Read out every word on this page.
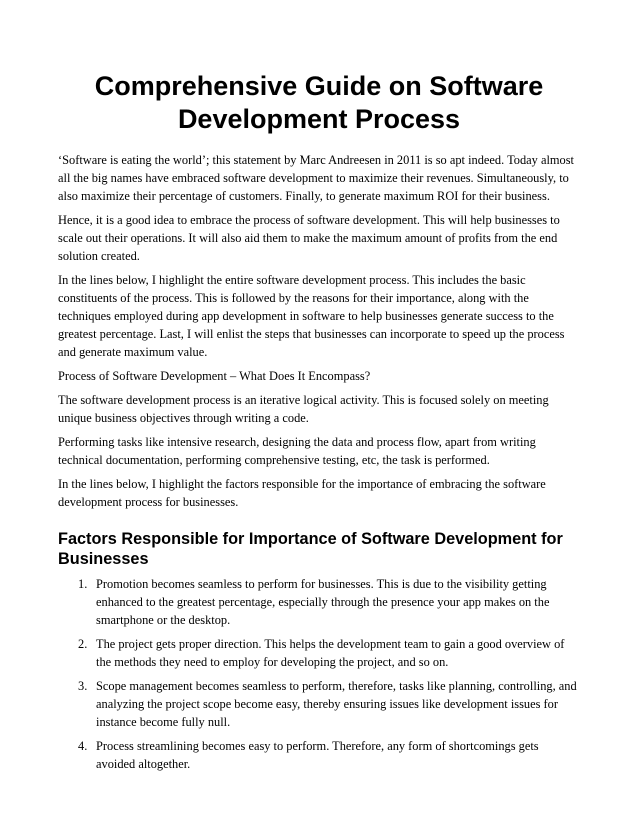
Comprehensive Guide on Software Development Process

‘Software is eating the world’; this statement by Marc Andreesen in 2011 is so apt indeed. Today almost all the big names have embraced software development to maximize their revenues. Simultaneously, to also maximize their percentage of customers. Finally, to generate maximum ROI for their business.

Hence, it is a good idea to embrace the process of software development. This will help businesses to scale out their operations. It will also aid them to make the maximum amount of profits from the end solution created.

In the lines below, I highlight the entire software development process. This includes the basic constituents of the process. This is followed by the reasons for their importance, along with the techniques employed during app development in software to help businesses generate success to the greatest percentage. Last, I will enlist the steps that businesses can incorporate to speed up the process and generate maximum value.

Process of Software Development – What Does It Encompass?

The software development process is an iterative logical activity. This is focused solely on meeting unique business objectives through writing a code.

Performing tasks like intensive research, designing the data and process flow, apart from writing technical documentation, performing comprehensive testing, etc, the task is performed.

In the lines below, I highlight the factors responsible for the importance of embracing the software development process for businesses.

Factors Responsible for Importance of Software Development for Businesses
1. Promotion becomes seamless to perform for businesses. This is due to the visibility getting enhanced to the greatest percentage, especially through the presence your app makes on the smartphone or the desktop.
2. The project gets proper direction. This helps the development team to gain a good overview of the methods they need to employ for developing the project, and so on.
3. Scope management becomes seamless to perform, therefore, tasks like planning, controlling, and analyzing the project scope become easy, thereby ensuring issues like development issues for instance become fully null.
4. Process streamlining becomes easy to perform. Therefore, any form of shortcomings gets avoided altogether.
